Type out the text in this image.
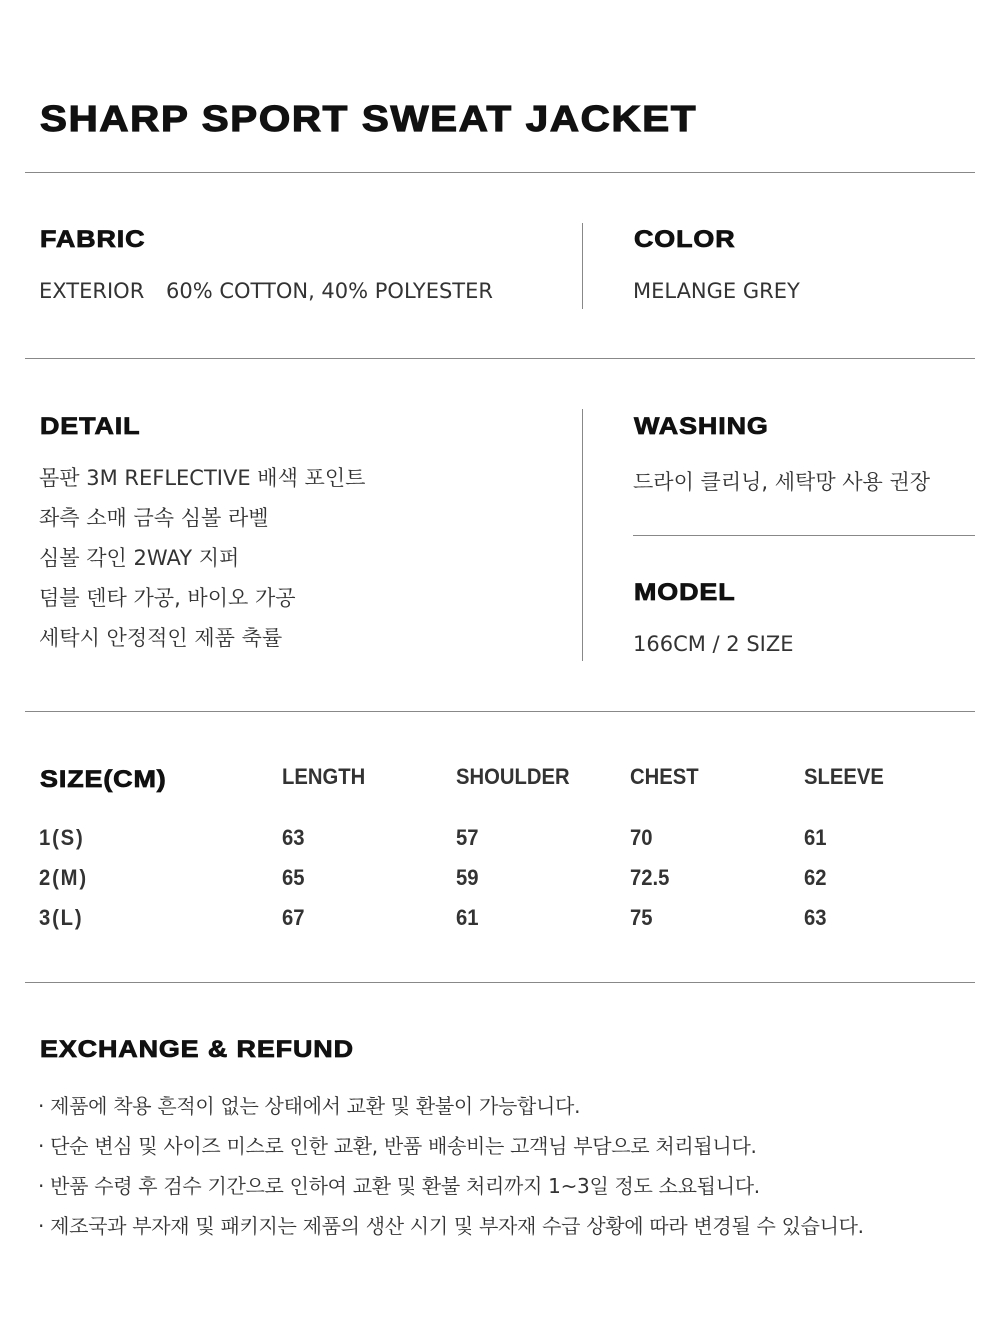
SHARP SPORT SWEAT JACKET
FABRIC
EXTERIOR 60% COTTON, 40% POLYESTER
COLOR
MELANGE GREY
DETAIL
몸판 3M REFLECTIVE 배색 포인트
좌측 소매 금속 심볼 라벨
심볼 각인 2WAY 지퍼
덤블 덴타 가공, 바이오 가공
세탁시 안정적인 제품 축률
WASHING
드라이 클리닝, 세탁망 사용 권장
MODEL
166CM / 2 SIZE
SIZE(CM)	LENGTH	SHOULDER	CHEST	SLEEVE
1(S)	63	57	70	61
2(M)	65	59	72.5	62
3(L)	67	61	75	63
EXCHANGE & REFUND
· 제품에 착용 흔적이 없는 상태에서 교환 및 환불이 가능합니다.
· 단순 변심 및 사이즈 미스로 인한 교환, 반품 배송비는 고객님 부담으로 처리됩니다.
· 반품 수령 후 검수 기간으로 인하여 교환 및 환불 처리까지 1~3일 정도 소요됩니다.
· 제조국과 부자재 및 패키지는 제품의 생산 시기 및 부자재 수급 상황에 따라 변경될 수 있습니다.
